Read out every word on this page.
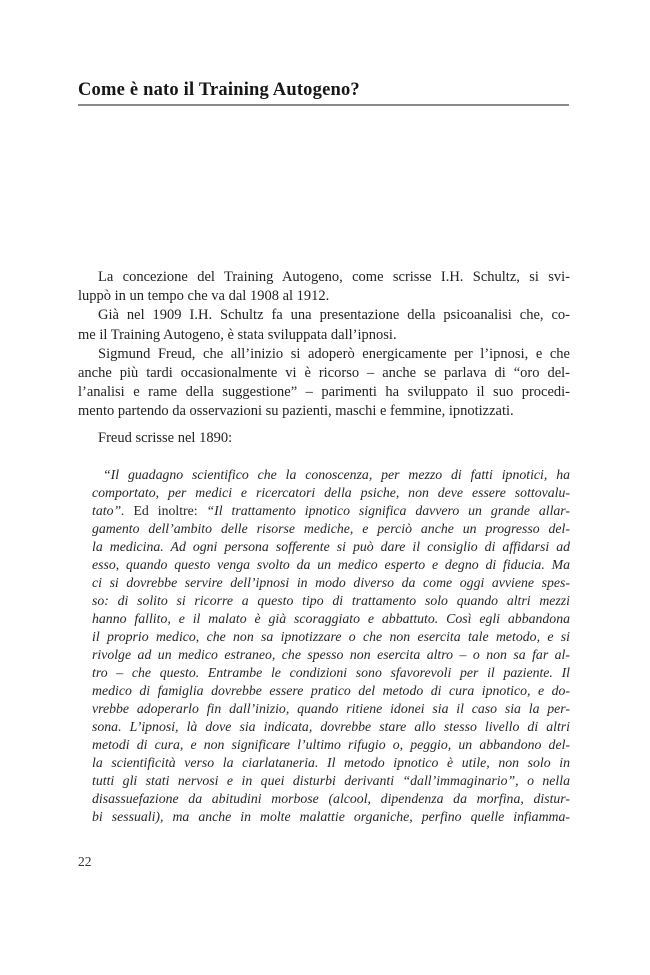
Come è nato il Training Autogeno?
La concezione del Training Autogeno, come scrisse I.H. Schultz, si svi-
luppò in un tempo che va dal 1908 al 1912.
Già nel 1909 I.H. Schultz fa una presentazione della psicoanalisi che, co-
me il Training Autogeno, è stata sviluppata dall’ipnosi.
Sigmund Freud, che all’inizio si adoperò energicamente per l’ipnosi, e che
anche più tardi occasionalmente vi è ricorso – anche se parlava di “oro del-
l’analisi e rame della suggestione” – parimenti ha sviluppato il suo procedi-
mento partendo da osservazioni su pazienti, maschi e femmine, ipnotizzati.
Freud scrisse nel 1890:
“Il guadagno scientifico che la conoscenza, per mezzo di fatti ipnotici, ha
comportato, per medici e ricercatori della psiche, non deve essere sottovalu-
tato”. Ed inoltre: “Il trattamento ipnotico significa davvero un grande allar-
gamento dell’ambito delle risorse mediche, e perciò anche un progresso del-
la medicina. Ad ogni persona sofferente si può dare il consiglio di affidarsi ad
esso, quando questo venga svolto da un medico esperto e degno di fiducia. Ma
ci si dovrebbe servire dell’ipnosi in modo diverso da come oggi avviene spes-
so: di solito si ricorre a questo tipo di trattamento solo quando altri mezzi
hanno fallito, e il malato è già scoraggiato e abbattuto. Così egli abbandona
il proprio medico, che non sa ipnotizzare o che non esercita tale metodo, e si
rivolge ad un medico estraneo, che spesso non esercita altro – o non sa far al-
tro – che questo. Entrambe le condizioni sono sfavorevoli per il paziente. Il
medico di famiglia dovrebbe essere pratico del metodo di cura ipnotico, e do-
vrebbe adoperarlo fin dall’inizio, quando ritiene idonei sia il caso sia la per-
sona. L’ipnosi, là dove sia indicata, dovrebbe stare allo stesso livello di altri
metodi di cura, e non significare l’ultimo rifugio o, peggio, un abbandono del-
la scientificità verso la ciarlataneria. Il metodo ipnotico è utile, non solo in
tutti gli stati nervosi e in quei disturbi derivanti “dall’immaginario”, o nella
disassuefazione da abitudini morbose (alcool, dipendenza da morfina, distur-
bi sessuali), ma anche in molte malattie organiche, perfino quelle infiamma-
22
